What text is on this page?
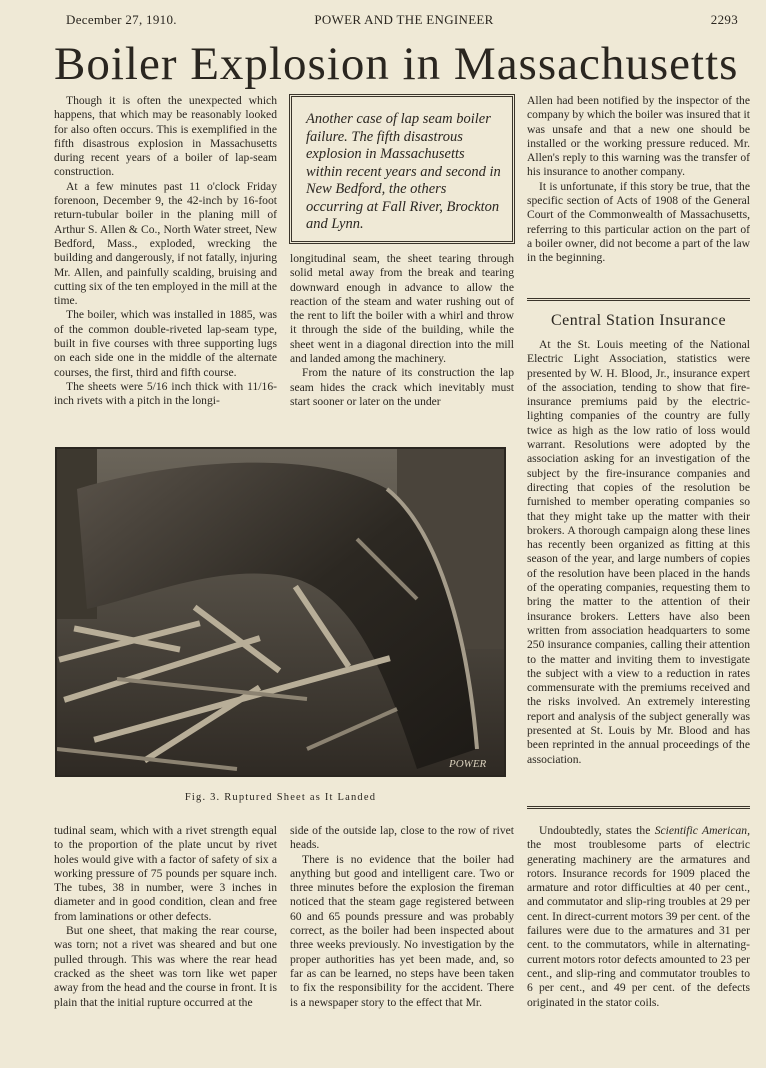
December 27, 1910.	POWER AND THE ENGINEER	2293
Boiler Explosion in Massachusetts

Though it is often the unexpected which happens, that which may be reasonably looked for also often occurs. This is exemplified in the fifth disastrous explosion in Massachusetts during recent years of a boiler of lap-seam construction.

At a few minutes past 11 o'clock Friday forenoon, December 9, the 42-inch by 16-foot return-tubular boiler in the planing mill of Arthur S. Allen & Co., North Water street, New Bedford, Mass., exploded, wrecking the building and dangerously, if not fatally, injuring Mr. Allen, and painfully scalding, bruising and cutting six of the ten employed in the mill at the time.

The boiler, which was installed in 1885, was of the common double-riveted lap-seam type, built in five courses with three supporting lugs on each side one in the middle of the alternate courses, the first, third and fifth course.

The sheets were 5/16 inch thick with 11/16-inch rivets with a pitch in the longi-

Another case of lap seam boiler failure. The fifth disastrous explosion in Massachusetts within recent years and second in New Bedford, the others occurring at Fall River, Brockton and Lynn.

longitudinal seam, the sheet tearing through solid metal away from the break and tearing downward enough in advance to allow the reaction of the steam and water rushing out of the rent to lift the boiler with a whirl and throw it through the side of the building, while the sheet went in a diagonal direction into the mill and landed among the machinery.

From the nature of its construction the lap seam hides the crack which inevitably must start sooner or later on the under

Allen had been notified by the inspector of the company by which the boiler was insured that it was unsafe and that a new one should be installed or the working pressure reduced. Mr. Allen's reply to this warning was the transfer of his insurance to another company.

It is unfortunate, if this story be true, that the specific section of Acts of 1908 of the General Court of the Commonwealth of Massachusetts, referring to this particular action on the part of a boiler owner, did not become a part of the law in the beginning.

Central Station Insurance

At the St. Louis meeting of the National Electric Light Association, statistics were presented by W. H. Blood, Jr., insurance expert of the association, tending to show that fire-insurance premiums paid by the electric-lighting companies of the country are fully twice as high as the low ratio of loss would warrant. Resolutions were adopted by the association asking for an investigation of the subject by the fire-insurance companies and directing that copies of the resolution be furnished to member operating companies so that they might take up the matter with their brokers. A thorough campaign along these lines has recently been organized as fitting at this season of the year, and large numbers of copies of the resolution have been placed in the hands of the operating companies, requesting them to bring the matter to the attention of their insurance brokers. Letters have also been written from association headquarters to some 250 insurance companies, calling their attention to the matter and inviting them to investigate the subject with a view to a reduction in rates commensurate with the premiums received and the risks involved. An extremely interesting report and analysis of the subject generally was presented at St. Louis by Mr. Blood and has been reprinted in the annual proceedings of the association.

POWER
Fig. 3. Ruptured Sheet as It Landed

tudinal seam, which with a rivet strength equal to the proportion of the plate uncut by rivet holes would give with a factor of safety of six a working pressure of 75 pounds per square inch. The tubes, 38 in number, were 3 inches in diameter and in good condition, clean and free from laminations or other defects.

But one sheet, that making the rear course, was torn; not a rivet was sheared and but one pulled through. This was where the rear head cracked as the sheet was torn like wet paper away from the head and the course in front. It is plain that the initial rupture occurred at the

side of the outside lap, close to the row of rivet heads.

There is no evidence that the boiler had anything but good and intelligent care. Two or three minutes before the explosion the fireman noticed that the steam gage registered between 60 and 65 pounds pressure and was probably correct, as the boiler had been inspected about three weeks previously. No investigation by the proper authorities has yet been made, and, so far as can be learned, no steps have been taken to fix the responsibility for the accident. There is a newspaper story to the effect that Mr.

Undoubtedly, states the Scientific American, the most troublesome parts of electric generating machinery are the armatures and rotors. Insurance records for 1909 placed the armature and rotor difficulties at 40 per cent., and commutator and slip-ring troubles at 29 per cent. In direct-current motors 39 per cent. of the failures were due to the armatures and 31 per cent. to the commutators, while in alternating-current motors rotor defects amounted to 23 per cent., and slip-ring and commutator troubles to 6 per cent., and 49 per cent. of the defects originated in the stator coils.
